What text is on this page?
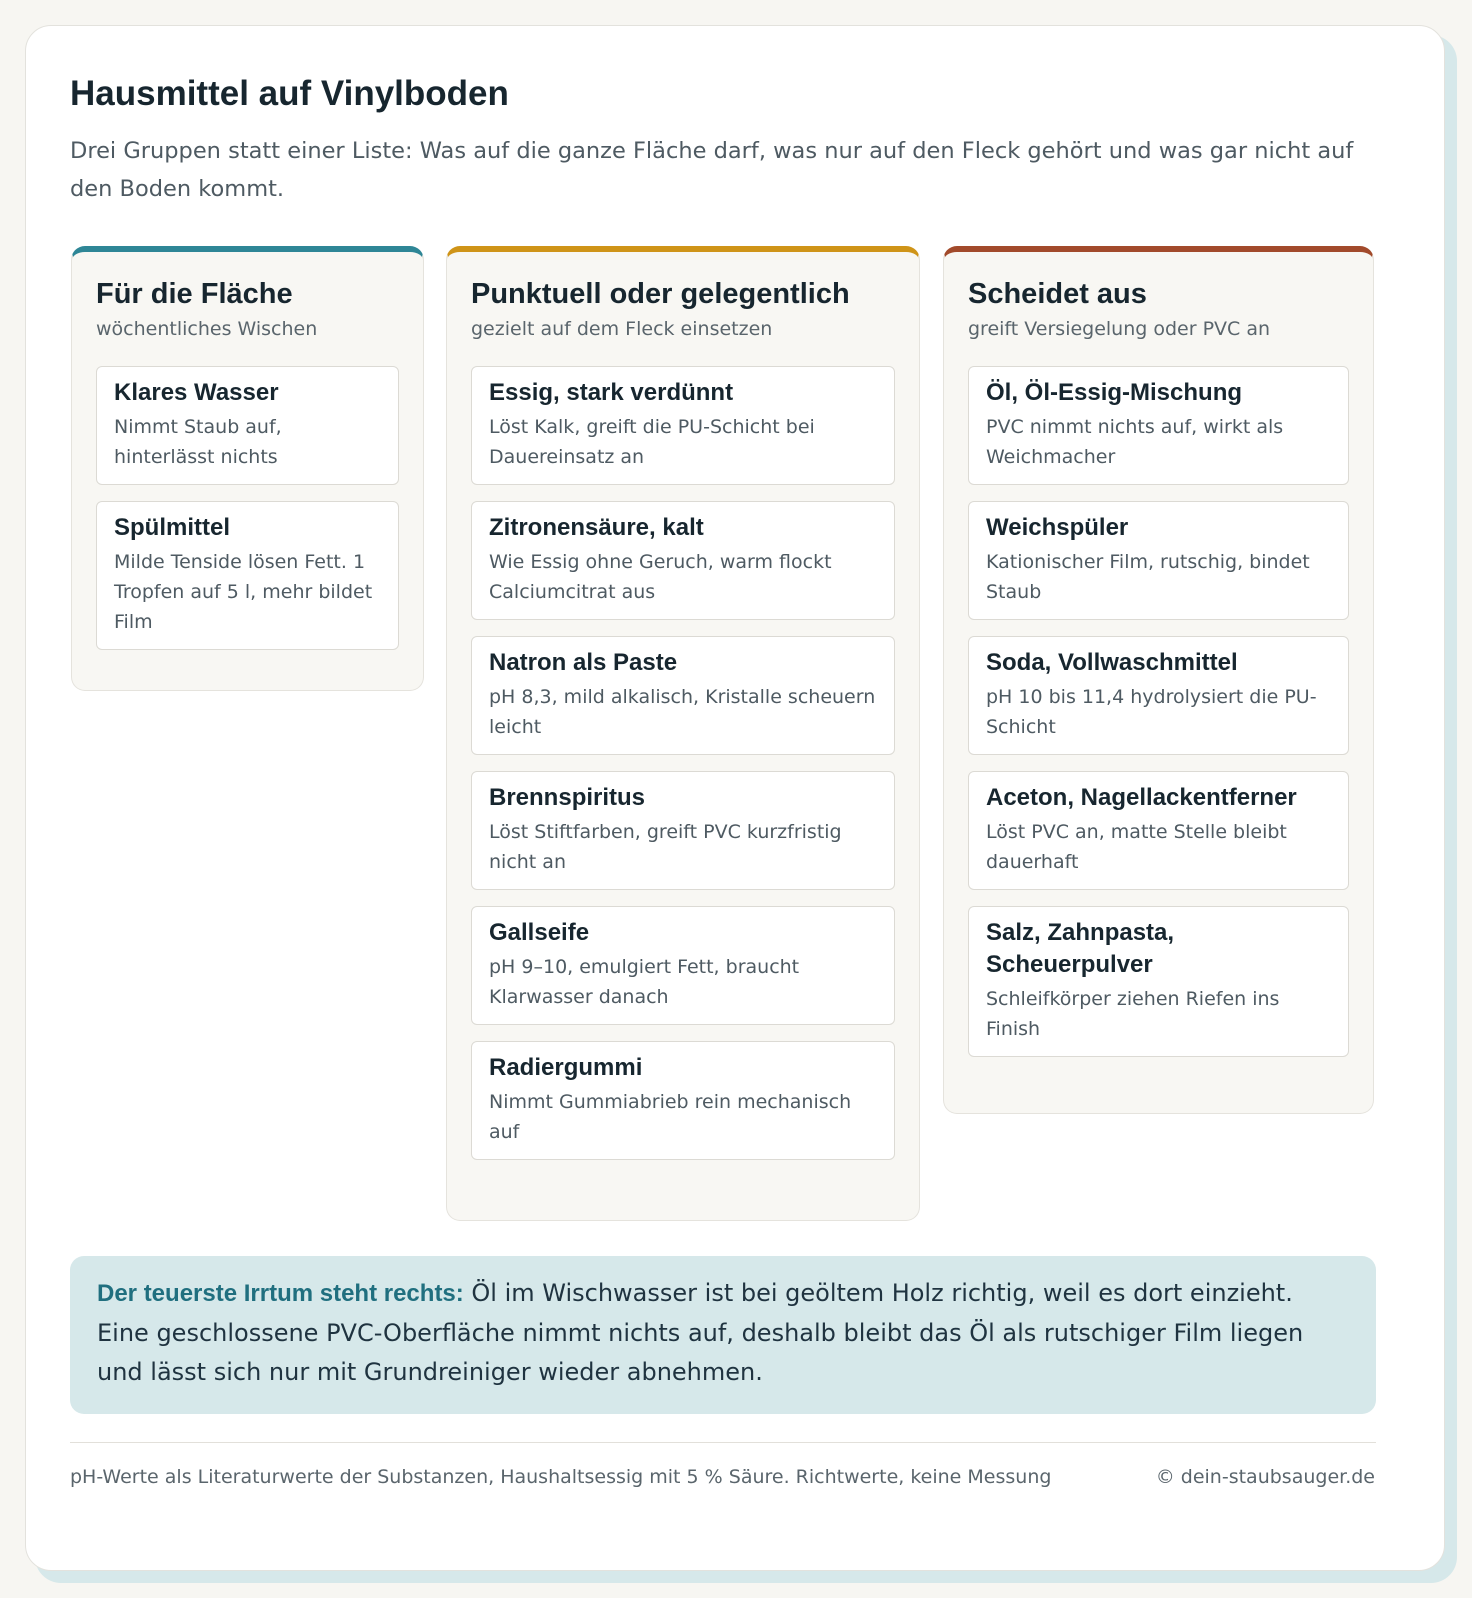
Hausmittel auf Vinylboden

Drei Gruppen statt einer Liste: Was auf die ganze Fläche darf, was nur auf den Fleck gehört und was gar nicht auf den Boden kommt.

Für die Fläche

wöchentliches Wischen

Klares Wasser
Nimmt Staub auf, hinterlässt nichts
Spülmittel
Milde Tenside lösen Fett. 1 Tropfen auf 5 l, mehr bildet Film
Punktuell oder gelegentlich

gezielt auf dem Fleck einsetzen

Essig, stark verdünnt
Löst Kalk, greift die PU-Schicht bei Dauereinsatz an
Zitronensäure, kalt
Wie Essig ohne Geruch, warm flockt Calciumcitrat aus
Natron als Paste
pH 8,3, mild alkalisch, Kristalle scheuern leicht
Brennspiritus
Löst Stiftfarben, greift PVC kurzfristig nicht an
Gallseife
pH 9–10, emulgiert Fett, braucht Klarwasser danach
Radiergummi
Nimmt Gummiabrieb rein mechanisch auf
Scheidet aus

greift Versiegelung oder PVC an

Öl, Öl-Essig-Mischung
PVC nimmt nichts auf, wirkt als Weichmacher
Weichspüler
Kationischer Film, rutschig, bindet Staub
Soda, Vollwaschmittel
pH 10 bis 11,4 hydrolysiert die PU-Schicht
Aceton, Nagellackentferner
Löst PVC an, matte Stelle bleibt dauerhaft
Salz, Zahnpasta, Scheuerpulver
Schleifkörper ziehen Riefen ins Finish
Der teuerste Irrtum steht rechts: Öl im Wischwasser ist bei geöltem Holz richtig, weil es dort einzieht. Eine geschlossene PVC-Oberfläche nimmt nichts auf, deshalb bleibt das Öl als rutschiger Film liegen und lässt sich nur mit Grundreiniger wieder abnehmen.
pH-Werte als Literaturwerte der Substanzen, Haushaltsessig mit 5 % Säure. Richtwerte, keine Messung	© dein-staubsauger.de
